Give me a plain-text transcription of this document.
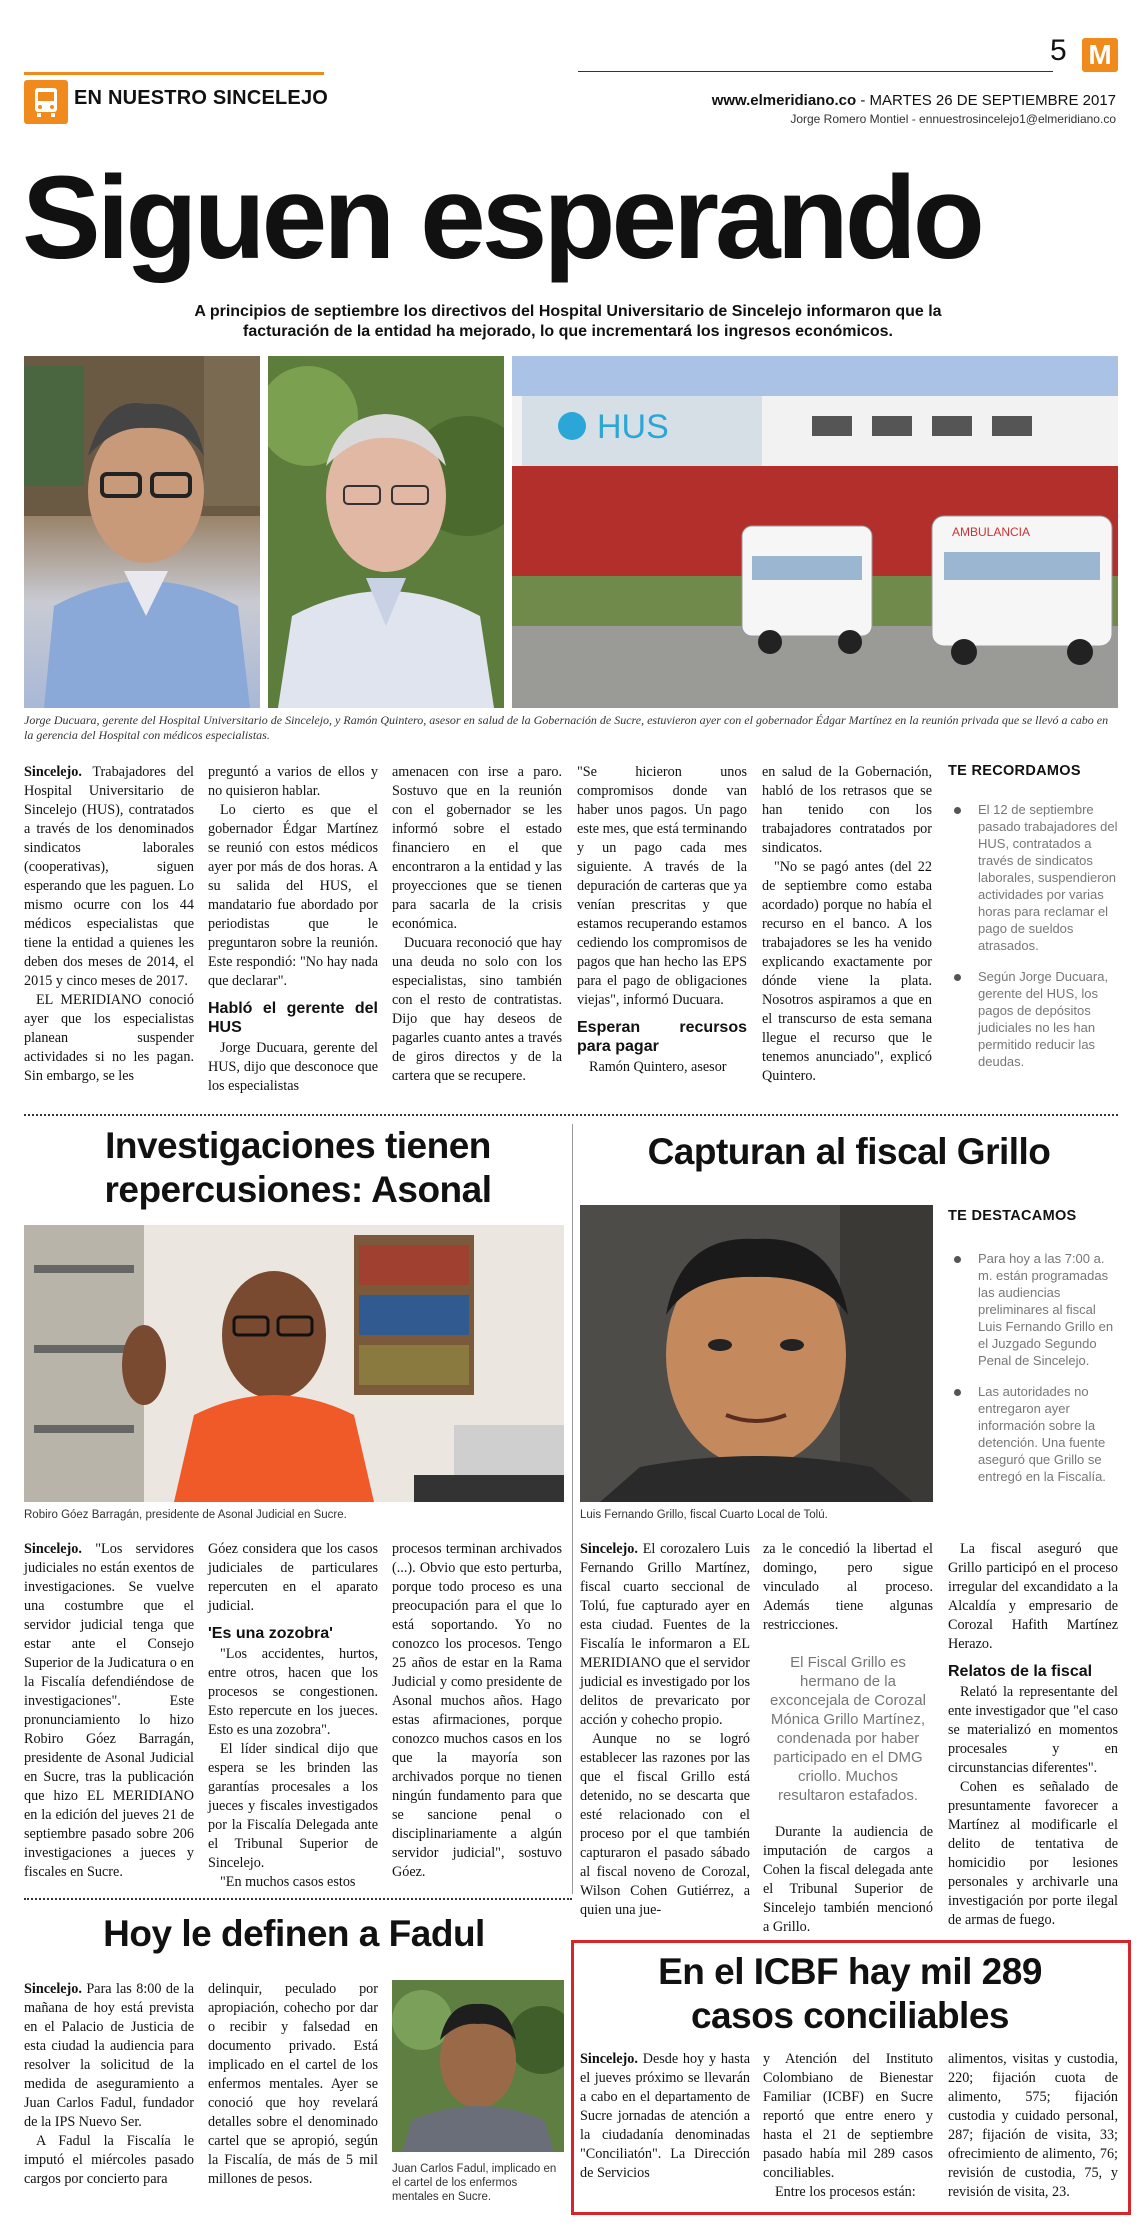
EN NUESTRO SINCELEJO
5 M
www.elmeridiano.co - MARTES 26 DE SEPTIEMBRE 2017
Jorge Romero Montiel - ennuestrosincelejo1@elmeridiano.co
Siguen esperando
A principios de septiembre los directivos del Hospital Universitario de Sincelejo informaron que la facturación de la entidad ha mejorado, lo que incrementará los ingresos económicos.
HUS
AMBULANCIA
Jorge Ducuara, gerente del Hospital Universitario de Sincelejo, y Ramón Quintero, asesor en salud de la Gobernación de Sucre, estuvieron ayer con el gobernador Édgar Martínez en la reunión privada que se llevó a cabo en la gerencia del Hospital con médicos especialistas.

Sincelejo. Trabajadores del Hospital Universitario de Sincelejo (HUS), contratados a través de los denominados sindicatos laborales (cooperativas), siguen esperando que les paguen. Lo mismo ocurre con los 44 médicos especialistas que tiene la entidad a quienes les deben dos meses de 2014, el 2015 y cinco meses de 2017.

EL MERIDIANO conoció ayer que los especialistas planean suspender actividades si no les pagan. Sin embargo, se les

preguntó a varios de ellos y no quisieron hablar.

Lo cierto es que el gobernador Édgar Martínez se reunió con estos médicos ayer por más de dos horas. A su salida del HUS, el mandatario fue abordado por periodistas que le preguntaron sobre la reunión. Este respondió: "No hay nada que declarar".

Habló el gerente del HUS

Jorge Ducuara, gerente del HUS, dijo que desconoce que los especialistas

amenacen con irse a paro. Sostuvo que en la reunión con el gobernador se les informó sobre el estado financiero en el que encontraron a la entidad y las proyecciones que se tienen para sacarla de la crisis económica.

Ducuara reconoció que hay una deuda no solo con los especialistas, sino también con el resto de contratistas. Dijo que hay deseos de pagarles cuanto antes a través de giros directos y de la cartera que se recupere.

"Se hicieron unos compromisos donde van haber unos pagos. Un pago este mes, que está terminando y un pago cada mes siguiente. A través de la depuración de carteras que ya venían prescritas y que estamos recuperando estamos cediendo los compromisos de pagos que han hecho las EPS para el pago de obligaciones viejas", informó Ducuara.

Esperan recursos para pagar

Ramón Quintero, asesor

en salud de la Gobernación, habló de los retrasos que se han tenido con los trabajadores contratados por sindicatos.

"No se pagó antes (del 22 de septiembre como estaba acordado) porque no había el recurso en el banco. A los trabajadores se les ha venido explicando exactamente por dónde viene la plata. Nosotros aspiramos a que en el transcurso de esta semana llegue el recurso que le tenemos anunciado", explicó Quintero.

TE RECORDAMOS
El 12 de septiembre pasado trabajadores del HUS, contratados a través de sindicatos laborales, suspendieron actividades por varias horas para reclamar el pago de sueldos atrasados.
Según Jorge Ducuara, gerente del HUS, los pagos de depósitos judiciales no les han permitido reducir las deudas.
Investigaciones tienen
repercusiones: Asonal
Robiro Góez Barragán, presidente de Asonal Judicial en Sucre.

Sincelejo. "Los servidores judiciales no están exentos de investigaciones. Se vuelve una costumbre que el servidor judicial tenga que estar ante el Consejo Superior de la Judicatura o en la Fiscalía defendiéndose de investigaciones". Este pronunciamiento lo hizo Robiro Góez Barragán, presidente de Asonal Judicial en Sucre, tras la publicación que hizo EL MERIDIANO en la edición del jueves 21 de septiembre pasado sobre 206 investigaciones a jueces y fiscales en Sucre.

Góez considera que los casos judiciales de particulares repercuten en el aparato judicial.

'Es una zozobra'

"Los accidentes, hurtos, entre otros, hacen que los procesos se congestionen. Esto repercute en los jueces. Esto es una zozobra".

El líder sindical dijo que espera se les brinden las garantías procesales a los jueces y fiscales investigados por la Fiscalía Delegada ante el Tribunal Superior de Sincelejo.

"En muchos casos estos

procesos terminan archivados (...). Obvio que esto perturba, porque todo proceso es una preocupación para el que lo está soportando. Yo no conozco los procesos. Tengo 25 años de estar en la Rama Judicial y como presidente de Asonal muchos años. Hago estas afirmaciones, porque conozco muchos casos en los que la mayoría son archivados porque no tienen ningún fundamento para que se sancione penal o disciplinariamente a algún servidor judicial", sostuvo Góez.

Capturan al fiscal Grillo
Luis Fernando Grillo, fiscal Cuarto Local de Tolú.
TE DESTACAMOS
Para hoy a las 7:00 a. m. están programadas las audiencias preliminares al fiscal Luis Fernando Grillo en el Juzgado Segundo Penal de Sincelejo.
Las autoridades no entregaron ayer información sobre la detención. Una fuente aseguró que Grillo se entregó en la Fiscalía.

Sincelejo. El corozalero Luis Fernando Grillo Martínez, fiscal cuarto seccional de Tolú, fue capturado ayer en esta ciudad. Fuentes de la Fiscalía le informaron a EL MERIDIANO que el servidor judicial es investigado por los delitos de prevaricato por acción y cohecho propio.

Aunque no se logró establecer las razones por las que el fiscal Grillo está detenido, no se descarta que esté relacionado con el proceso por el que también capturaron el pasado sábado al fiscal noveno de Corozal, Wilson Cohen Gutiérrez, a quien una jue-

za le concedió la libertad el domingo, pero sigue vinculado al proceso. Además tiene algunas restricciones.

El Fiscal Grillo es hermano de la exconcejala de Corozal Mónica Grillo Martínez, condenada por haber participado en el DMG criollo. Muchos resultaron estafados.

Durante la audiencia de imputación de cargos a Cohen la fiscal delegada ante el Tribunal Superior de Sincelejo también mencionó a Grillo.

La fiscal aseguró que Grillo participó en el proceso irregular del excandidato a la Alcaldía y empresario de Corozal Hafith Martínez Herazo.

Relatos de la fiscal

Relató la representante del ente investigador que "el caso se materializó en momentos procesales y en circunstancias diferentes".

Cohen es señalado de presuntamente favorecer a Martínez al modificarle el delito de tentativa de homicidio por lesiones personales y archivarle una investigación por porte ilegal de armas de fuego.

Hoy le definen a Fadul

Sincelejo. Para las 8:00 de la mañana de hoy está prevista en el Palacio de Justicia de esta ciudad la audiencia para resolver la solicitud de la medida de aseguramiento a Juan Carlos Fadul, fundador de la IPS Nuevo Ser.

A Fadul la Fiscalía le imputó el miércoles pasado cargos por concierto para

delinquir, peculado por apropiación, cohecho por dar o recibir y falsedad en documento privado. Está implicado en el cartel de los enfermos mentales. Ayer se conoció que hoy revelará detalles sobre el denominado cartel que se apropió, según la Fiscalía, de más de 5 mil millones de pesos.

Juan Carlos Fadul, implicado en el cartel de los enfermos mentales en Sucre.
En el ICBF hay mil 289
casos conciliables

Sincelejo. Desde hoy y hasta el jueves próximo se llevarán a cabo en el departamento de Sucre jornadas de atención a la ciudadanía denominadas "Conciliatón". La Dirección de Servicios

y Atención del Instituto Colombiano de Bienestar Familiar (ICBF) en Sucre reportó que entre enero y hasta el 21 de septiembre pasado había mil 289 casos conciliables.

Entre los procesos están:

alimentos, visitas y custodia, 220; fijación cuota de alimento, 575; fijación custodia y cuidado personal, 287; fijación de visita, 33; ofrecimiento de alimento, 76; revisión de custodia, 75, y revisión de visita, 23.
